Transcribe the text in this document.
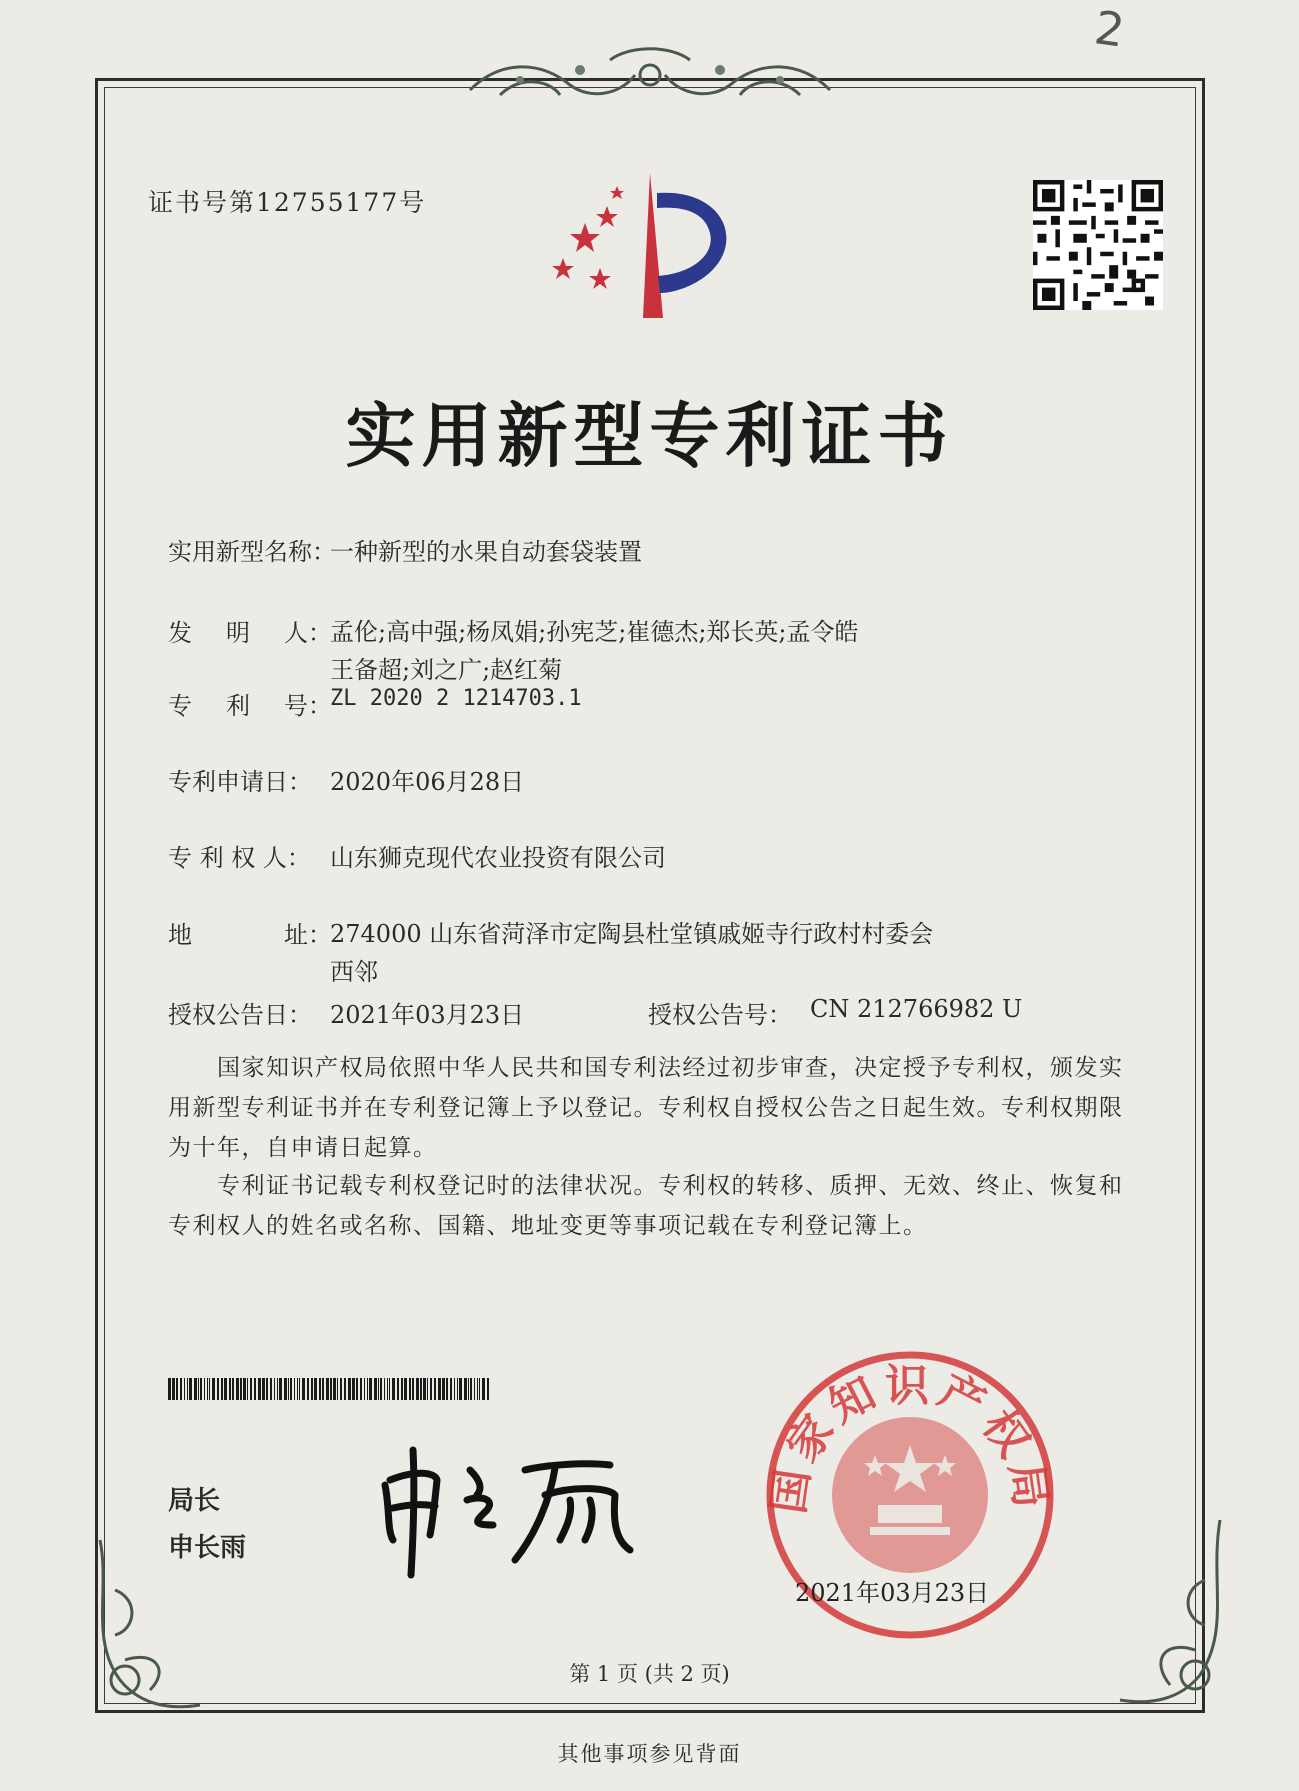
2
证书号第12755177号
实用新型专利证书
实用新型名称：
一种新型的水果自动套袋装置
发 明 人 ：
孟伦;高中强;杨凤娟;孙宪芝;崔德杰;郑长英;孟令皓
王备超;刘之广;赵红菊
专 利 号 ：
ZL 2020 2 1214703.1
专利申请日： 2020年06月28日
专 利 权 人： 山东狮克现代农业投资有限公司
地	址 ：
274000 山东省菏泽市定陶县杜堂镇戚姬寺行政村村委会
西邻
授权公告日： 2021年03月23日	授权公告号： CN 212766982 U
　　国家知识产权局依照中华人民共和国专利法经过初步审查，决定授予专利权，颁发实用新型专利证书并在专利登记簿上予以登记。专利权自授权公告之日起生效。专利权期限为十年，自申请日起算。
　　专利证书记载专利权登记时的法律状况。专利权的转移、质押、无效、终止、恢复和专利权人的姓名或名称、国籍、地址变更等事项记载在专利登记簿上。
局长
申长雨
国家知识产权局
2021年03月23日
第 1 页 (共 2 页)
其他事项参见背面
